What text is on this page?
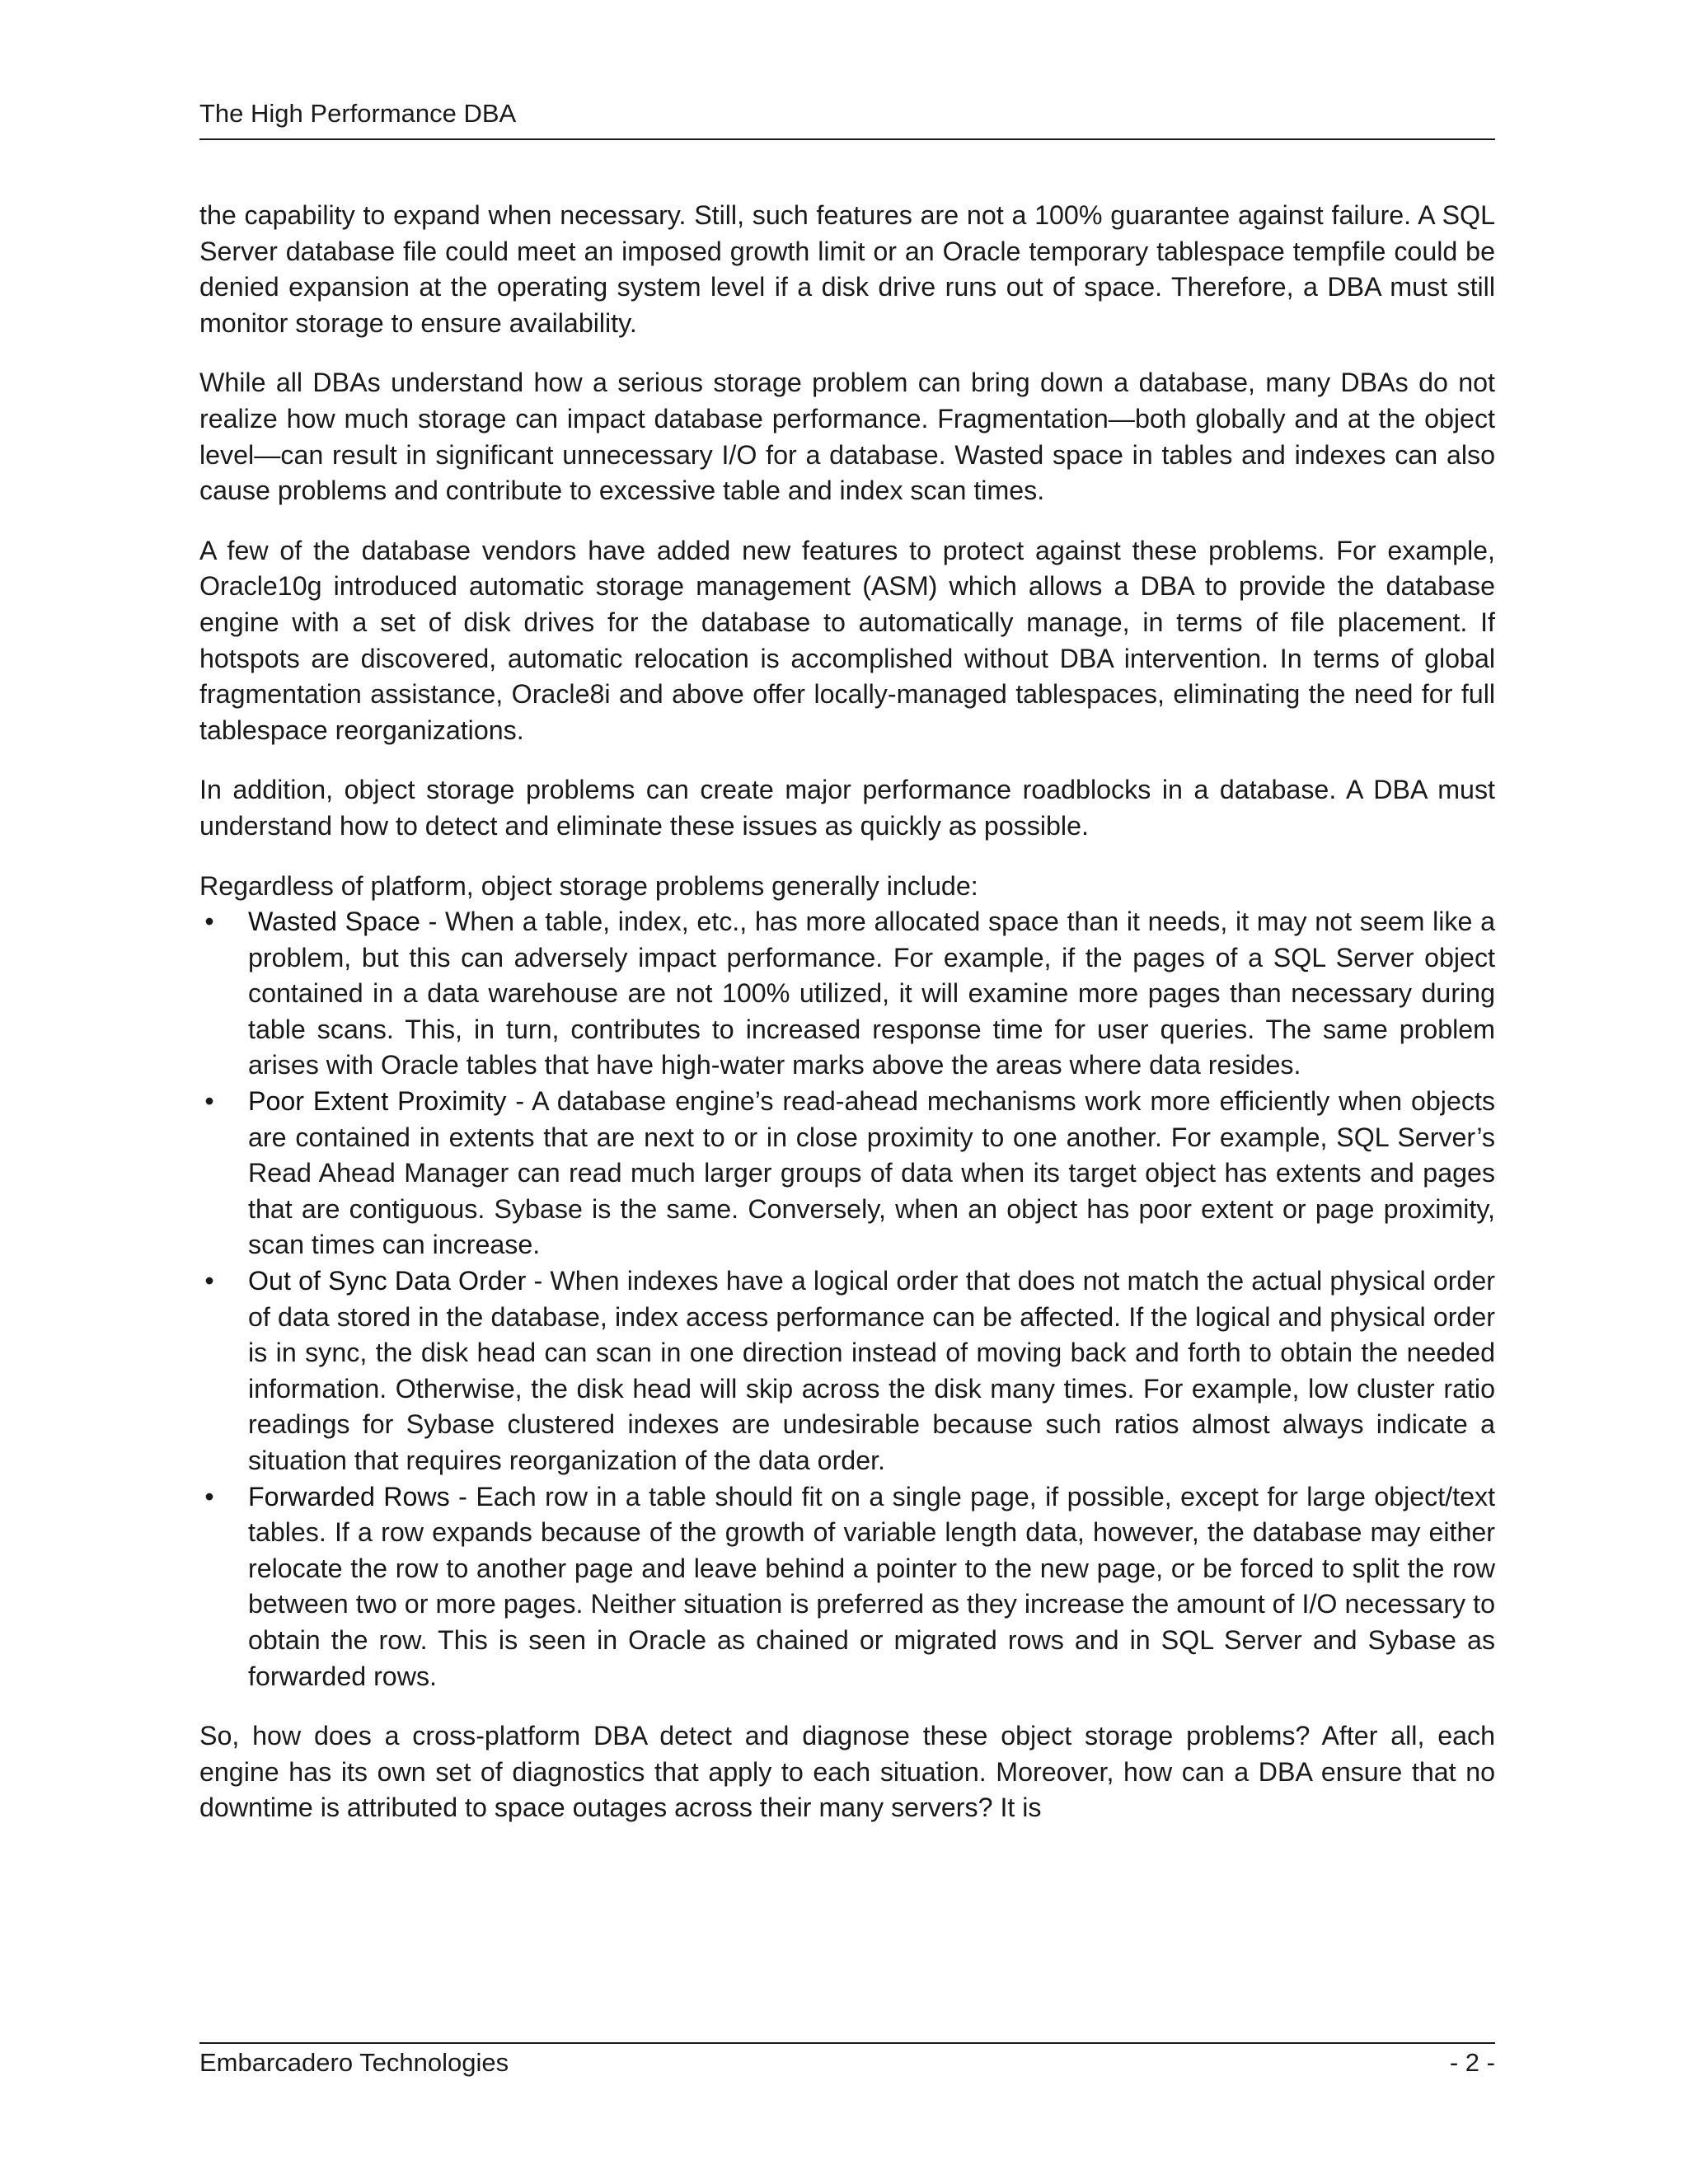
The High Performance DBA

the capability to expand when necessary. Still, such features are not a 100% guarantee against failure. A SQL Server database file could meet an imposed growth limit or an Oracle temporary tablespace tempfile could be denied expansion at the operating system level if a disk drive runs out of space. Therefore, a DBA must still monitor storage to ensure availability.

While all DBAs understand how a serious storage problem can bring down a database, many DBAs do not realize how much storage can impact database performance. Fragmentation—both globally and at the object level—can result in significant unnecessary I/O for a database. Wasted space in tables and indexes can also cause problems and contribute to excessive table and index scan times.

A few of the database vendors have added new features to protect against these problems. For example, Oracle10g introduced automatic storage management (ASM) which allows a DBA to provide the database engine with a set of disk drives for the database to automatically manage, in terms of file placement. If hotspots are discovered, automatic relocation is accomplished without DBA intervention. In terms of global fragmentation assistance, Oracle8i and above offer locally-managed tablespaces, eliminating the need for full tablespace reorganizations.

In addition, object storage problems can create major performance roadblocks in a database. A DBA must understand how to detect and eliminate these issues as quickly as possible.

Regardless of platform, object storage problems generally include:

• Wasted Space - When a table, index, etc., has more allocated space than it needs, it may not seem like a problem, but this can adversely impact performance. For example, if the pages of a SQL Server object contained in a data warehouse are not 100% utilized, it will examine more pages than necessary during table scans. This, in turn, contributes to increased response time for user queries. The same problem arises with Oracle tables that have high-water marks above the areas where data resides.
• Poor Extent Proximity - A database engine’s read-ahead mechanisms work more efficiently when objects are contained in extents that are next to or in close proximity to one another. For example, SQL Server’s Read Ahead Manager can read much larger groups of data when its target object has extents and pages that are contiguous. Sybase is the same. Conversely, when an object has poor extent or page proximity, scan times can increase.
• Out of Sync Data Order - When indexes have a logical order that does not match the actual physical order of data stored in the database, index access performance can be affected. If the logical and physical order is in sync, the disk head can scan in one direction instead of moving back and forth to obtain the needed information. Otherwise, the disk head will skip across the disk many times. For example, low cluster ratio readings for Sybase clustered indexes are undesirable because such ratios almost always indicate a situation that requires reorganization of the data order.
• Forwarded Rows - Each row in a table should fit on a single page, if possible, except for large object/text tables. If a row expands because of the growth of variable length data, however, the database may either relocate the row to another page and leave behind a pointer to the new page, or be forced to split the row between two or more pages. Neither situation is preferred as they increase the amount of I/O necessary to obtain the row. This is seen in Oracle as chained or migrated rows and in SQL Server and Sybase as forwarded rows.

So, how does a cross-platform DBA detect and diagnose these object storage problems? After all, each engine has its own set of diagnostics that apply to each situation. Moreover, how can a DBA ensure that no downtime is attributed to space outages across their many servers? It is

Embarcadero Technologies	- 2 -
